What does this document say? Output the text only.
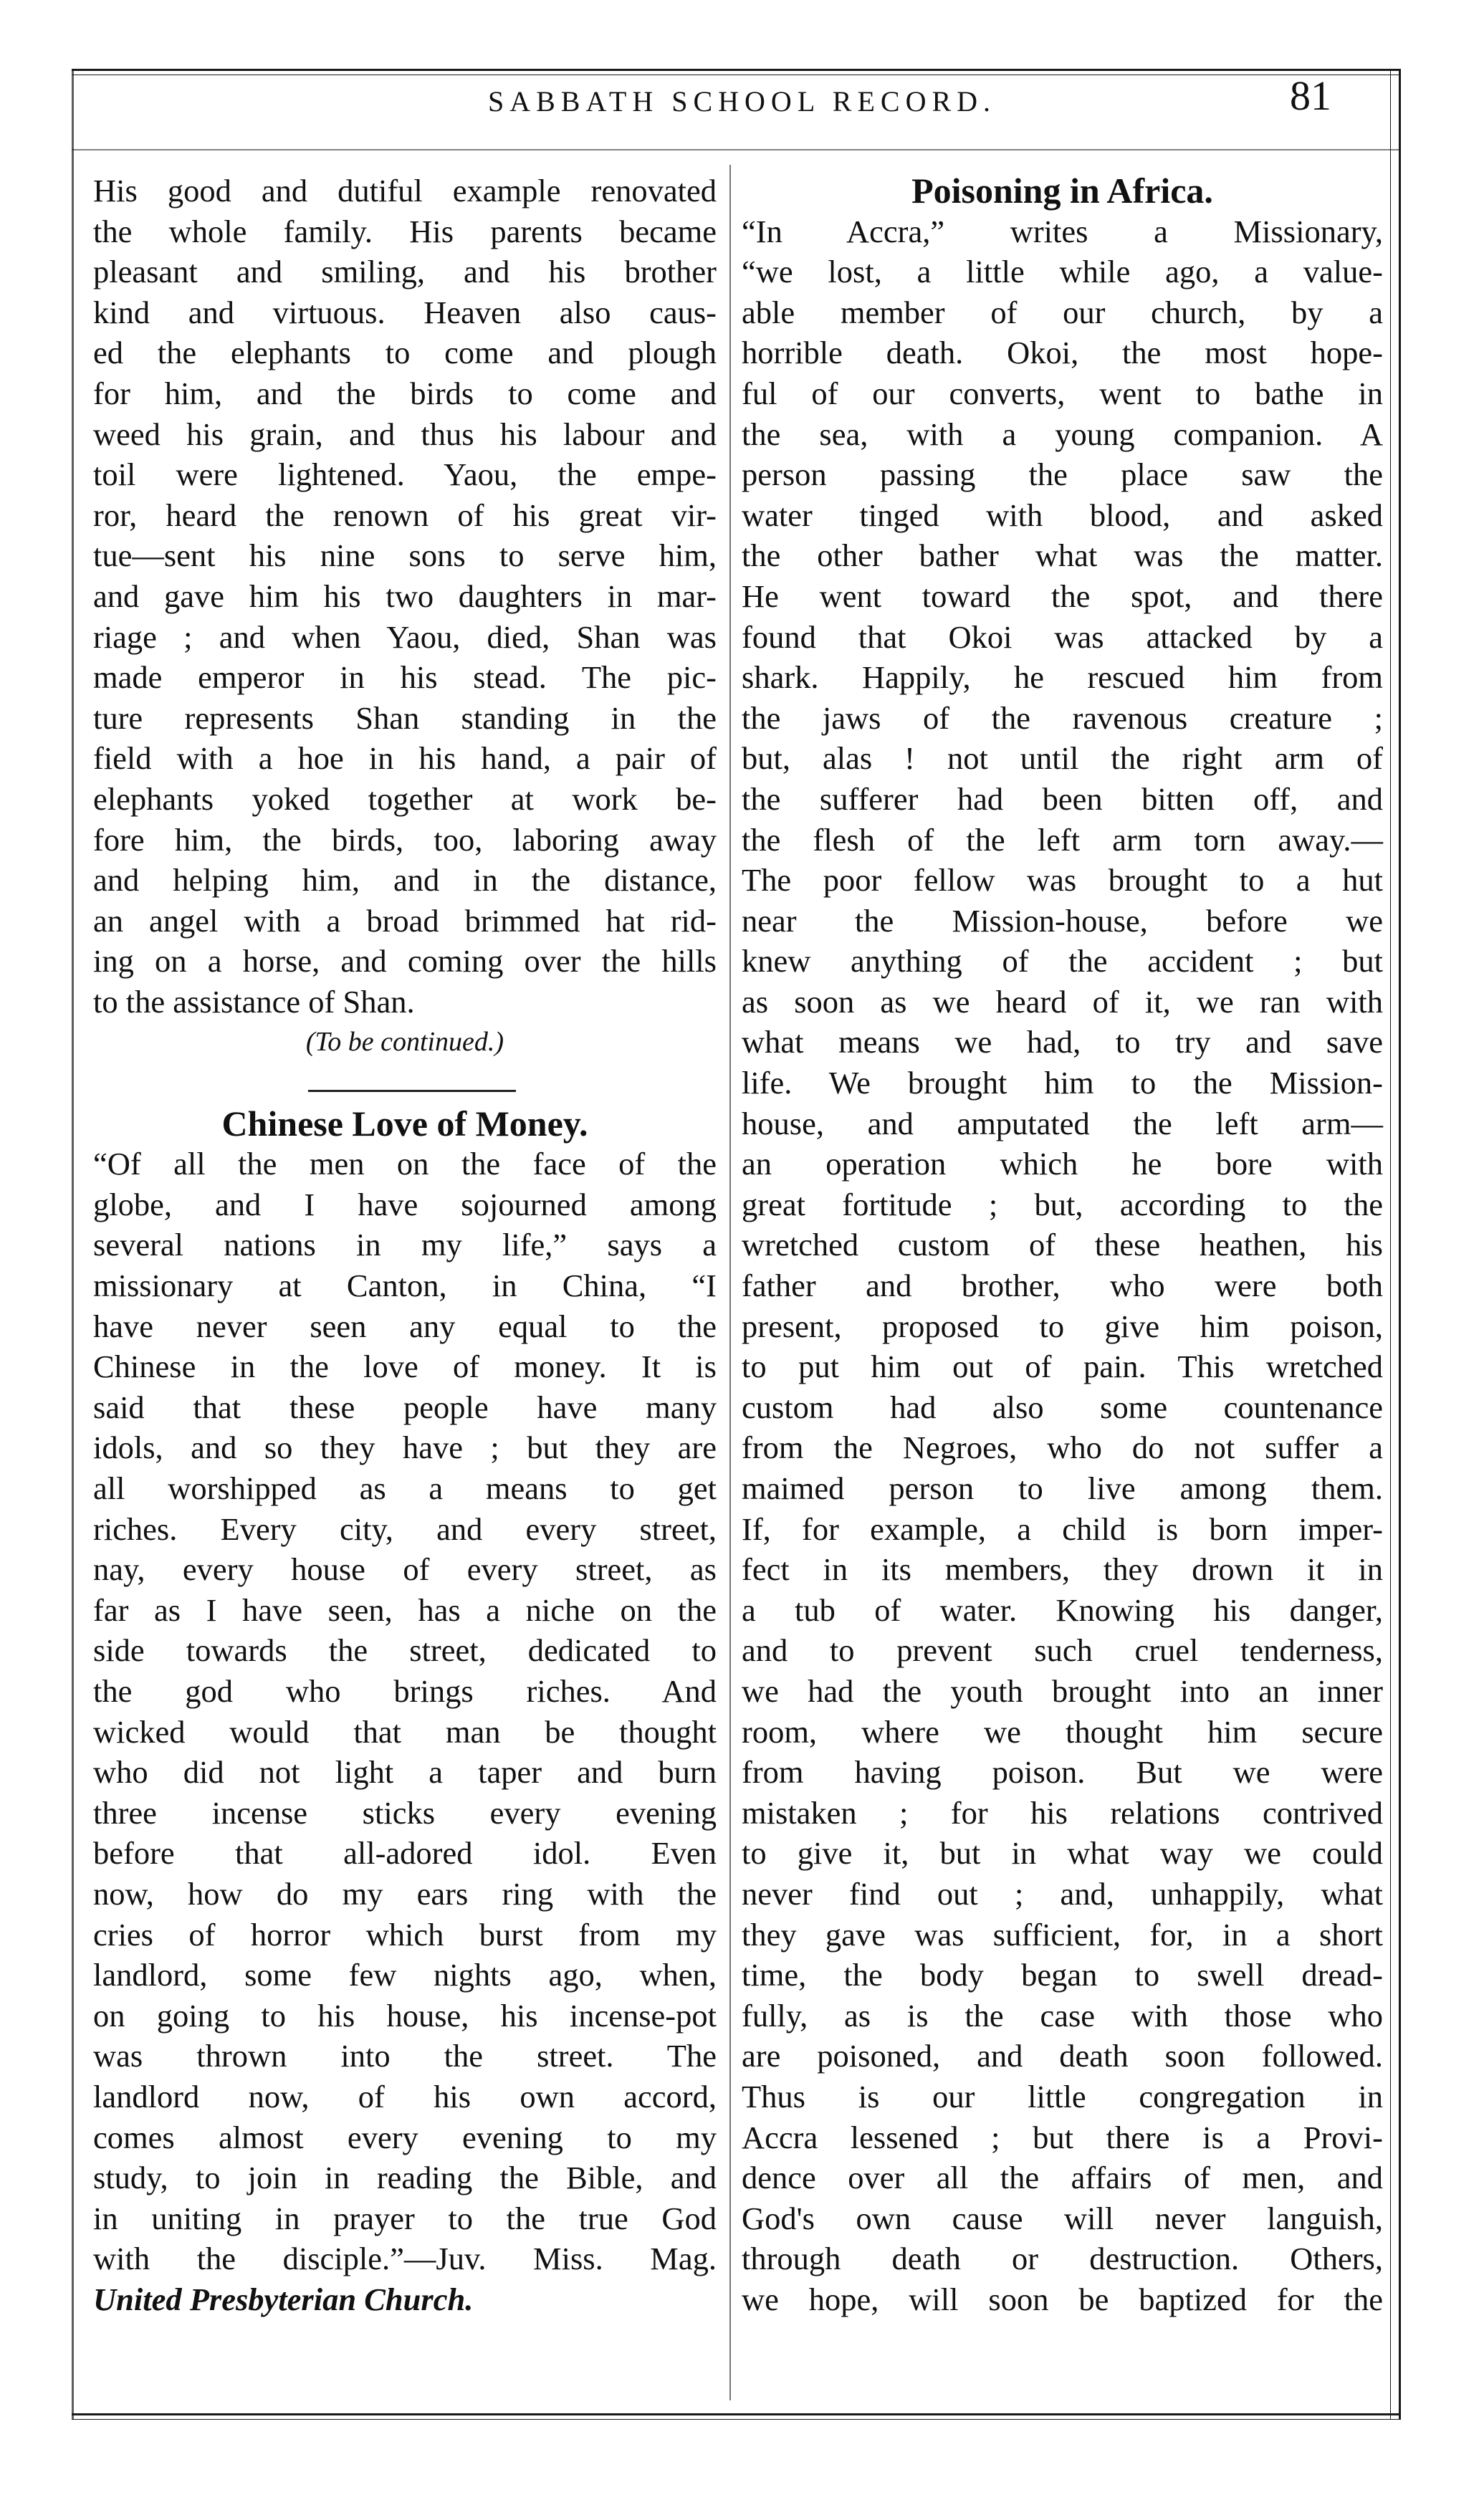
SABBATH SCHOOL RECORD.	81
His good and dutiful example renovated
the whole family. His parents became
pleasant and smiling, and his brother
kind and virtuous. Heaven also caus-
ed the elephants to come and plough
for him, and the birds to come and
weed his grain, and thus his labour and
toil were lightened. Yaou, the empe-
ror, heard the renown of his great vir-
tue—sent his nine sons to serve him,
and gave him his two daughters in mar-
riage ; and when Yaou, died, Shan was
made emperor in his stead. The pic-
ture represents Shan standing in the
field with a hoe in his hand, a pair of
elephants yoked together at work be-
fore him, the birds, too, laboring away
and helping him, and in the distance,
an angel with a broad brimmed hat rid-
ing on a horse, and coming over the hills
to the assistance of Shan.
(To be continued.)
Chinese Love of Money.
“Of all the men on the face of the
globe, and I have sojourned among
several nations in my life,” says a
missionary at Canton, in China, “I
have never seen any equal to the
Chinese in the love of money. It is
said that these people have many
idols, and so they have ; but they are
all worshipped as a means to get
riches. Every city, and every street,
nay, every house of every street, as
far as I have seen, has a niche on the
side towards the street, dedicated to
the god who brings riches. And
wicked would that man be thought
who did not light a taper and burn
three incense sticks every evening
before that all-adored idol. Even
now, how do my ears ring with the
cries of horror which burst from my
landlord, some few nights ago, when,
on going to his house, his incense-pot
was thrown into the street. The
landlord now, of his own accord,
comes almost every evening to my
study, to join in reading the Bible, and
in uniting in prayer to the true God
with the disciple.”—Juv. Miss. Mag.
United Presbyterian Church.
Poisoning in Africa.
“In Accra,” writes a Missionary,
“we lost, a little while ago, a value-
able member of our church, by a
horrible death. Okoi, the most hope-
ful of our converts, went to bathe in
the sea, with a young companion. A
person passing the place saw the
water tinged with blood, and asked
the other bather what was the matter.
He went toward the spot, and there
found that Okoi was attacked by a
shark. Happily, he rescued him from
the jaws of the ravenous creature ;
but, alas ! not until the right arm of
the sufferer had been bitten off, and
the flesh of the left arm torn away.—
The poor fellow was brought to a hut
near the Mission-house, before we
knew anything of the accident ; but
as soon as we heard of it, we ran with
what means we had, to try and save
life. We brought him to the Mission-
house, and amputated the left arm—
an operation which he bore with
great fortitude ; but, according to the
wretched custom of these heathen, his
father and brother, who were both
present, proposed to give him poison,
to put him out of pain. This wretched
custom had also some countenance
from the Negroes, who do not suffer a
maimed person to live among them.
If, for example, a child is born imper-
fect in its members, they drown it in
a tub of water. Knowing his danger,
and to prevent such cruel tenderness,
we had the youth brought into an inner
room, where we thought him secure
from having poison. But we were
mistaken ; for his relations contrived
to give it, but in what way we could
never find out ; and, unhappily, what
they gave was sufficient, for, in a short
time, the body began to swell dread-
fully, as is the case with those who
are poisoned, and death soon followed.
Thus is our little congregation in
Accra lessened ; but there is a Provi-
dence over all the affairs of men, and
God's own cause will never languish,
through death or destruction. Others,
we hope, will soon be baptized for the
